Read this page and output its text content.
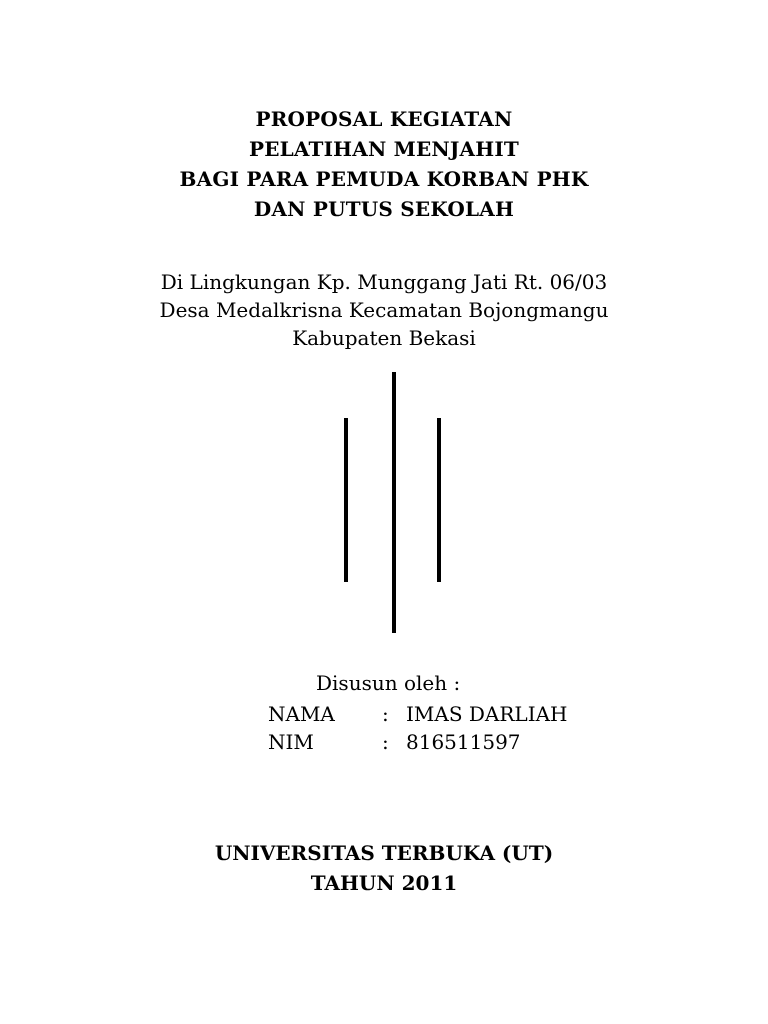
PROPOSAL KEGIATAN
PELATIHAN MENJAHIT
BAGI PARA PEMUDA KORBAN PHK
DAN PUTUS SEKOLAH
Di Lingkungan Kp. Munggang Jati Rt. 06/03
Desa Medalkrisna Kecamatan Bojongmangu
Kabupaten Bekasi
Disusun oleh :
NAMA : IMAS DARLIAH
NIM	: 816511597
UNIVERSITAS TERBUKA (UT)
TAHUN 2011
